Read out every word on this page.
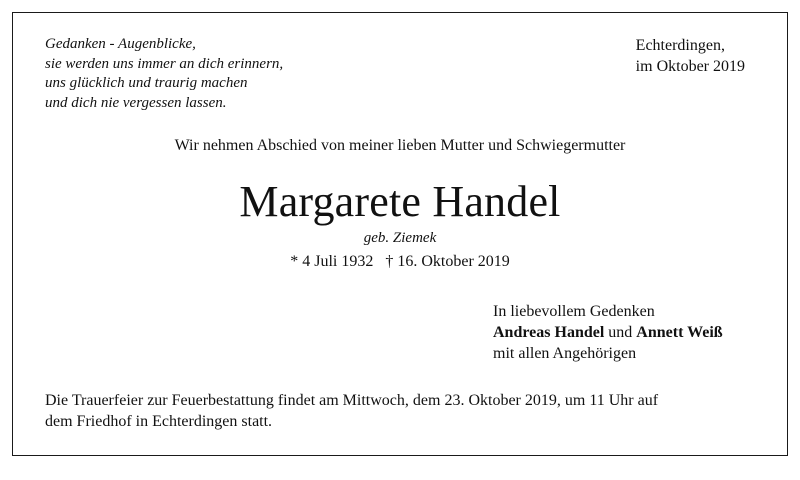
Gedanken - Augenblicke,
sie werden uns immer an dich erinnern,
uns glücklich und traurig machen
und dich nie vergessen lassen.
Echterdingen,
im Oktober 2019
Wir nehmen Abschied von meiner lieben Mutter und Schwiegermutter
Margarete Handel
geb. Ziemek
* 4 Juli 1932 † 16. Oktober 2019
In liebevollem Gedenken
Andreas Handel und Annett Weiß
mit allen Angehörigen
Die Trauerfeier zur Feuerbestattung findet am Mittwoch, dem 23. Oktober 2019, um 11 Uhr auf
dem Friedhof in Echterdingen statt.
